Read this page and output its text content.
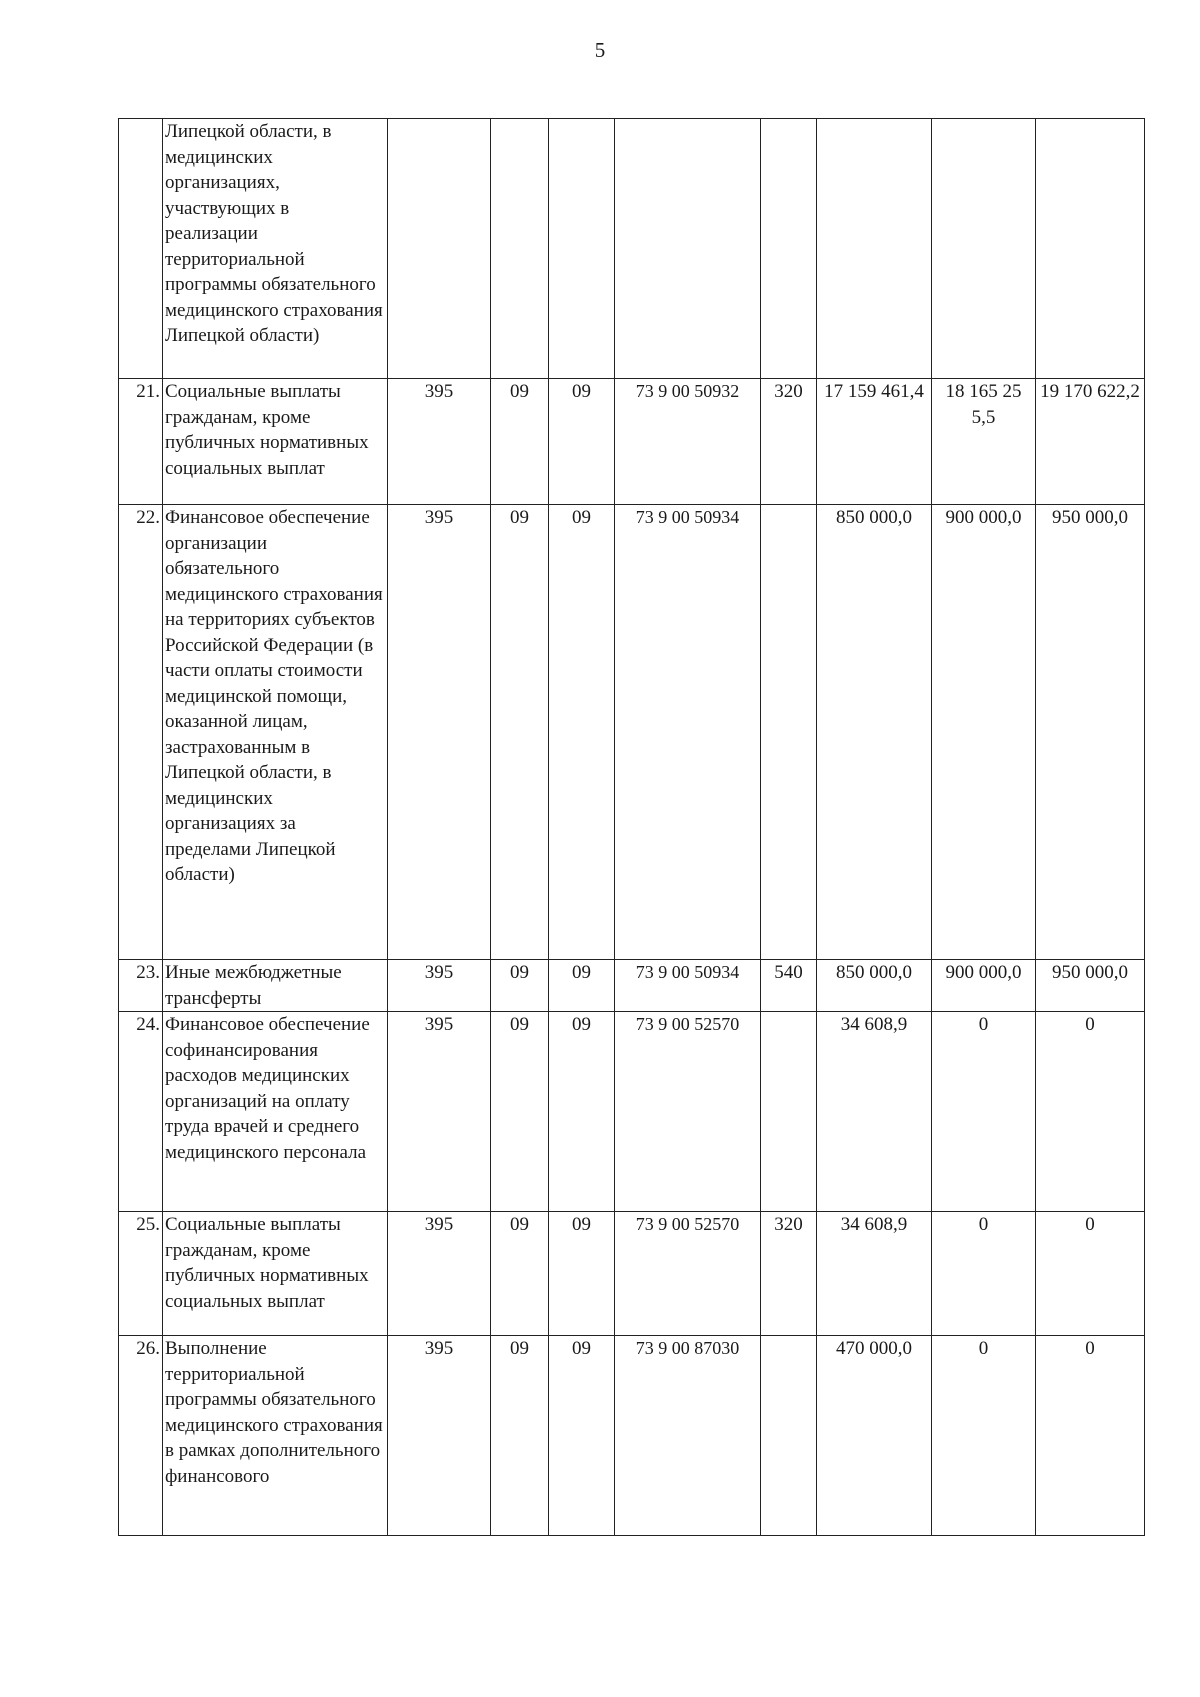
5
	Липецкой области, в медицинских организациях, участвующих в реализации территориальной программы обязательного медицинского страхования Липецкой области)								
21.	Социальные выплаты гражданам, кроме публичных нормативных социальных выплат	395	09	09	73 9 00 50932	320	17 159 461,4	18 165 25 5,5	19 170 622,2
22.	Финансовое обеспечение организации обязательного медицинского страхования на территориях субъектов Российской Федерации (в части оплаты стоимости медицинской помощи, оказанной лицам, застрахованным в Липецкой области, в медицинских организациях за пределами Липецкой области)	395	09	09	73 9 00 50934		850 000,0	900 000,0	950 000,0
23.	Иные межбюджетные трансферты	395	09	09	73 9 00 50934	540	850 000,0	900 000,0	950 000,0
24.	Финансовое обеспечение софинансирования расходов медицинских организаций на оплату труда врачей и среднего медицинского персонала	395	09	09	73 9 00 52570		34 608,9	0	0
25.	Социальные выплаты гражданам, кроме публичных нормативных социальных выплат	395	09	09	73 9 00 52570	320	34 608,9	0	0
26.	Выполнение территориальной программы обязательного медицинского страхования в рамках дополнительного финансового	395	09	09	73 9 00 87030		470 000,0	0	0
